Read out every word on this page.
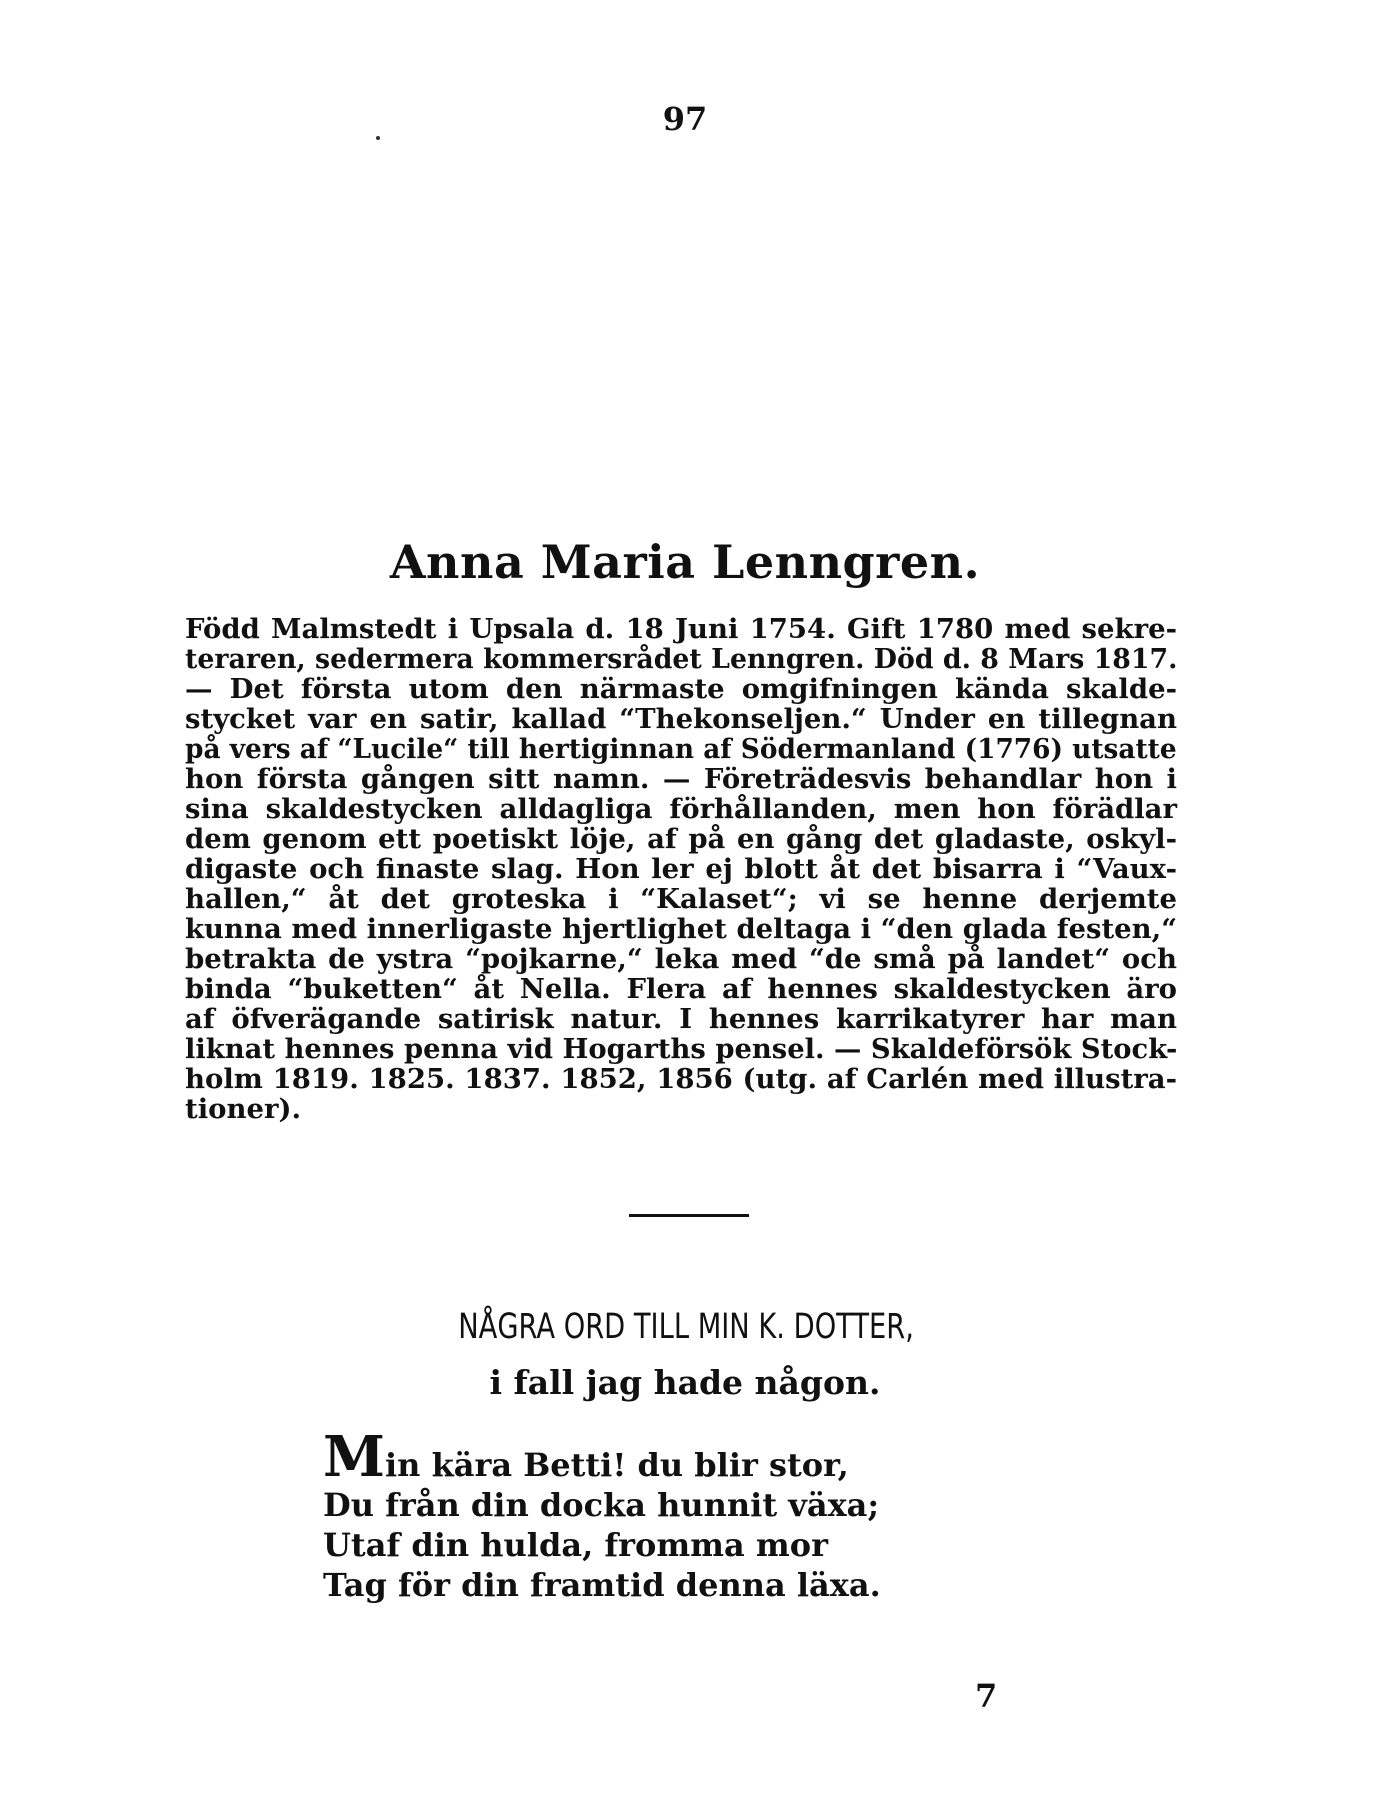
97
Anna Maria Lenngren.
Född Malmstedt i Upsala d. 18 Juni 1754. Gift 1780 med sekre-
teraren, sedermera kommersrådet Lenngren. Död d. 8 Mars 1817.
— Det första utom den närmaste omgifningen kända skalde-
stycket var en satir, kallad “Thekonseljen.“ Under en tillegnan
på vers af “Lucile“ till hertiginnan af Södermanland (1776) utsatte
hon första gången sitt namn. — Företrädesvis behandlar hon i
sina skaldestycken alldagliga förhållanden, men hon förädlar
dem genom ett poetiskt löje, af på en gång det gladaste, oskyl-
digaste och finaste slag. Hon ler ej blott åt det bisarra i “Vaux-
hallen,“ åt det groteska i “Kalaset“; vi se henne derjemte
kunna med innerligaste hjertlighet deltaga i “den glada festen,“
betrakta de ystra “pojkarne,“ leka med “de små på landet“ och
binda “buketten“ åt Nella. Flera af hennes skaldestycken äro
af öfverägande satirisk natur. I hennes karrikatyrer har man
liknat hennes penna vid Hogarths pensel. — Skaldeförsök Stock-
holm 1819. 1825. 1837. 1852, 1856 (utg. af Carlén med illustra-
tioner).
NÅGRA ORD TILL MIN K. DOTTER,
i fall jag hade någon.
Min kära Betti! du blir stor,
Du från din docka hunnit växa;
Utaf din hulda, fromma mor
Tag för din framtid denna läxa.
7
